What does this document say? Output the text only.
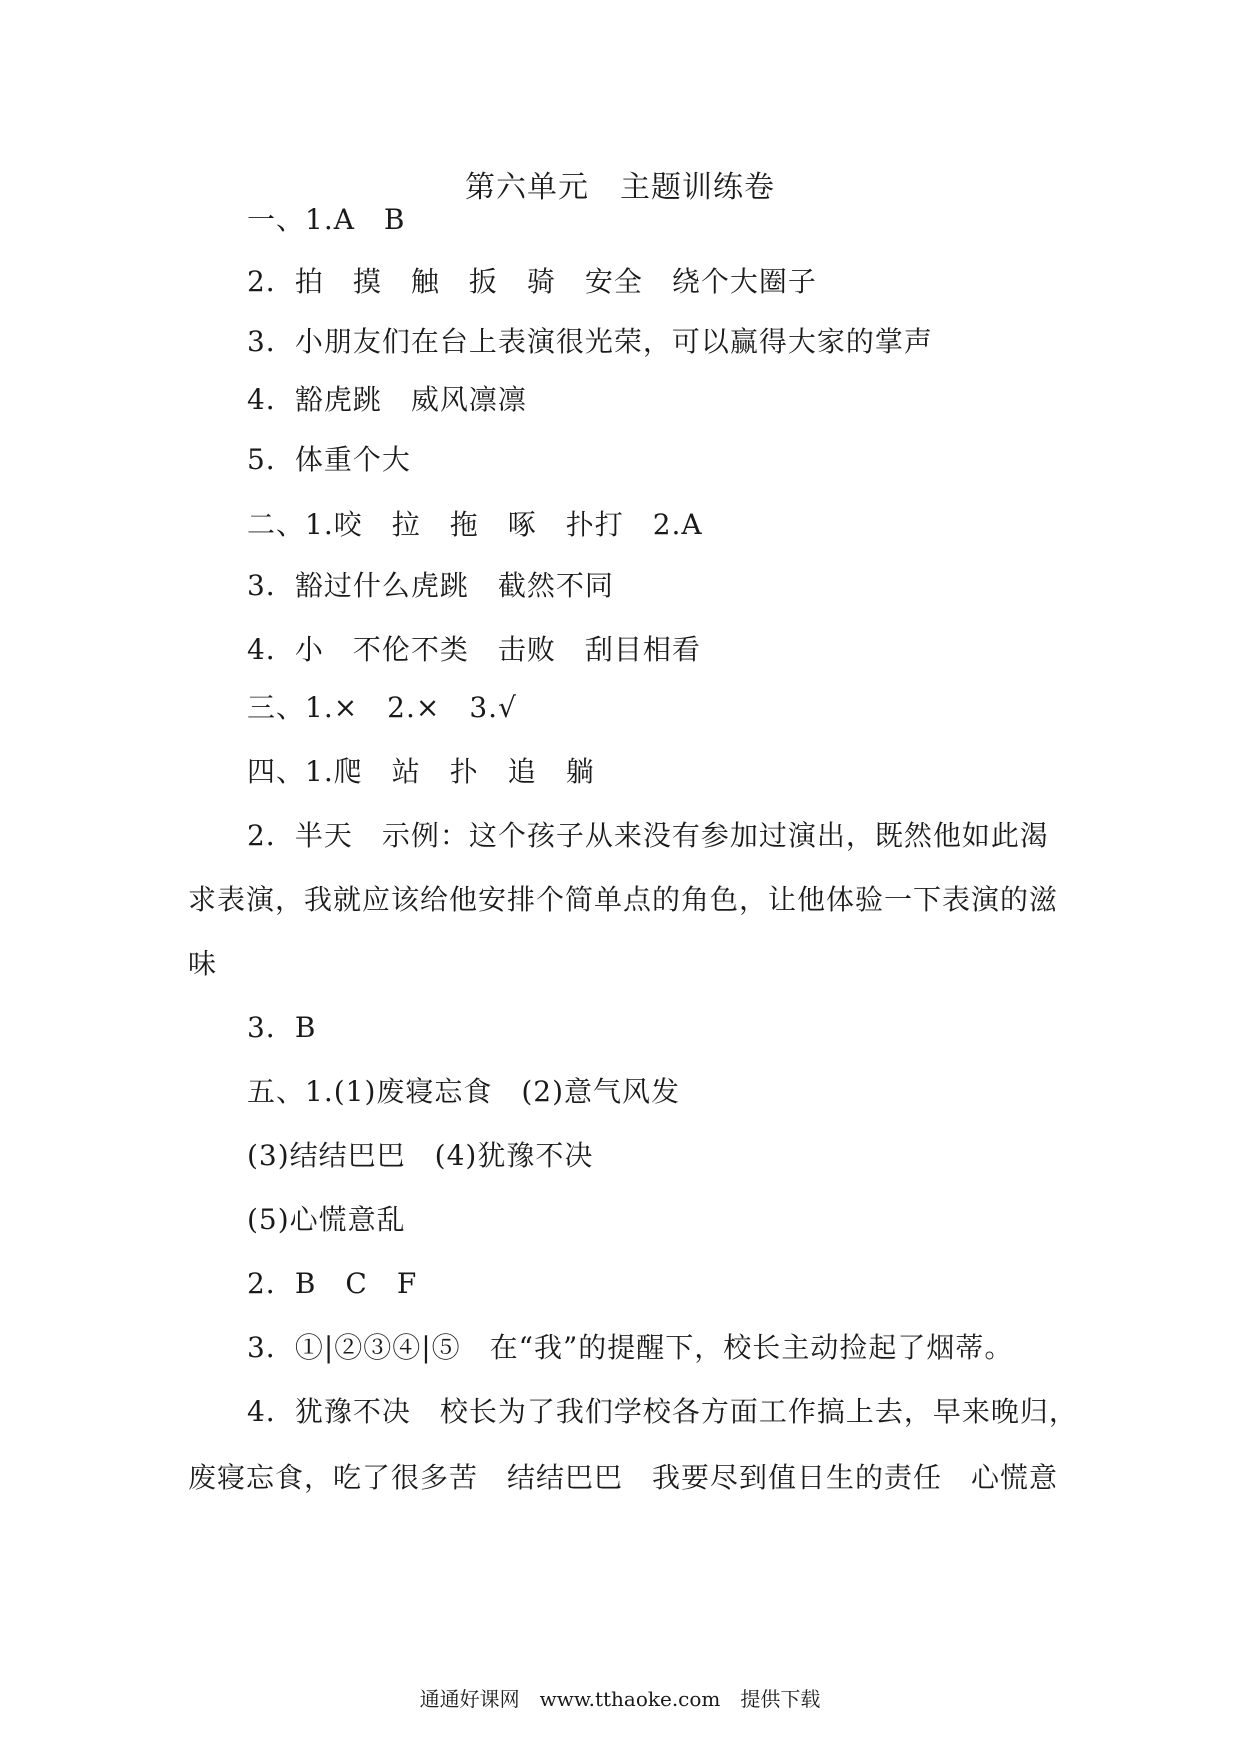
第六单元　主题训练卷
一、1.A　B
2．拍　摸　触　扳　骑　安全　绕个大圈子
3．小朋友们在台上表演很光荣，可以赢得大家的掌声
4．豁虎跳　威风凛凛
5．体重个大
二、1.咬　拉　拖　啄　扑打　2.A
3．豁过什么虎跳　截然不同
4．小　不伦不类　击败　刮目相看
三、1.×　2.×　3.√
四、1.爬　站　扑　追　躺
2．半天　示例：这个孩子从来没有参加过演出，既然他如此渴
求表演，我就应该给他安排个简单点的角色，让他体验一下表演的滋
味
3．B
五、1.(1)废寝忘食　(2)意气风发
(3)结结巴巴　(4)犹豫不决
(5)心慌意乱
2．B　C　F
3．①|②③④|⑤　在“我”的提醒下，校长主动捡起了烟蒂。
4．犹豫不决　校长为了我们学校各方面工作搞上去，早来晚归，
废寝忘食，吃了很多苦　结结巴巴　我要尽到值日生的责任　心慌意
通通好课网　www.tthaoke.com　提供下载
